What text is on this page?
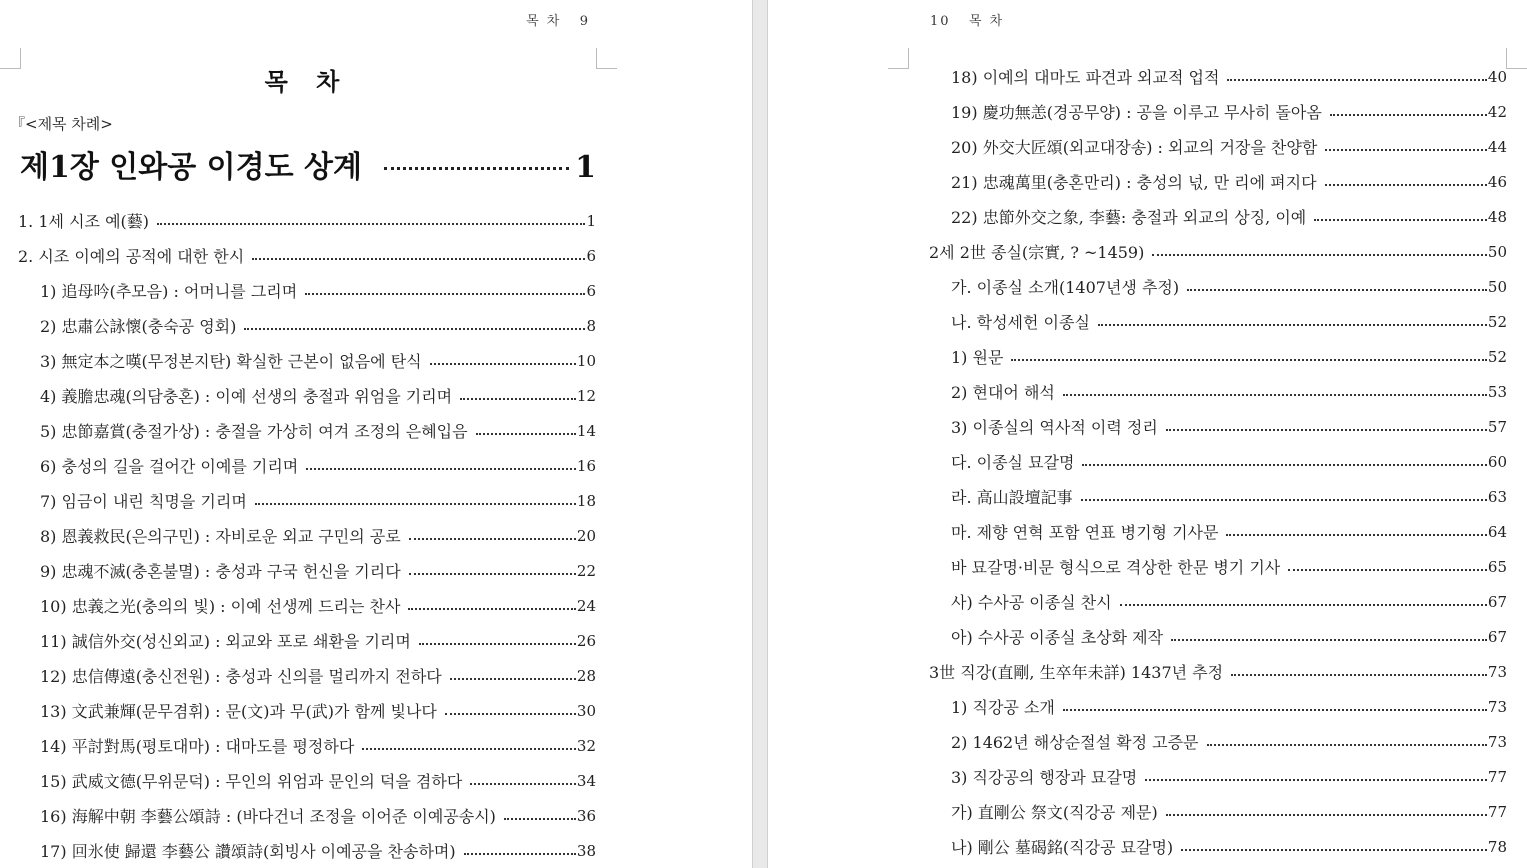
목 차   9
목 차
『<제목 차례>
제1장 인와공 이경도 상계	1
1. 1세 시조 예(藝)	1
2. 시조 이예의 공적에 대한 한시	6
1) 追母吟(추모음) : 어머니를 그리며	6
2) 忠肅公詠懷(충숙공 영회)	8
3) 無定本之嘆(무정본지탄) 확실한 근본이 없음에 탄식	10
4) 義膽忠魂(의담충혼) : 이예 선생의 충절과 위엄을 기리며	12
5) 忠節嘉賞(충절가상) : 충절을 가상히 여겨 조정의 은혜입음	14
6) 충성의 길을 걸어간 이예를 기리며	16
7) 임금이 내린 칙명을 기리며	18
8) 恩義救民(은의구민) : 자비로운 외교 구민의 공로	20
9) 忠魂不滅(충혼불멸) : 충성과 구국 헌신을 기리다	22
10) 忠義之光(충의의 빛) : 이예 선생께 드리는 찬사	24
11) 誠信外交(성신외교) : 외교와 포로 쇄환을 기리며	26
12) 忠信傳遠(충신전원) : 충성과 신의를 멀리까지 전하다	28
13) 文武兼輝(문무겸휘) : 문(文)과 무(武)가 함께 빛나다	30
14) 平討對馬(평토대마) : 대마도를 평정하다	32
15) 武威文德(무위문덕) : 무인의 위엄과 문인의 덕을 겸하다	34
16) 海解中朝 李藝公頌詩 : (바다건너 조정을 이어준 이예공송시)	36
17) 回氷使 歸還 李藝公 讚頌詩(회빙사 이예공을 찬송하며)	38
10   목 차
18) 이예의 대마도 파견과 외교적 업적	40
19) 慶功無恙(경공무양) : 공을 이루고 무사히 돌아옴	42
20) 外交大匠頌(외교대장송) : 외교의 거장을 찬양함	44
21) 忠魂萬里(충혼만리) : 충성의 넋, 만 리에 펴지다	46
22) 忠節外交之象, 李藝: 충절과 외교의 상징, 이예	48
2세 2世 종실(宗實, ? ~1459)	50
가. 이종실 소개(1407년생 추정)	50
나. 학성세헌 이종실	52
1) 원문	52
2) 현대어 해석	53
3) 이종실의 역사적 이력 정리	57
다. 이종실 묘갈명	60
라. 高山設壇記事	63
마. 제향 연혁 포함 연표 병기형 기사문	64
바 묘갈명·비문 형식으로 격상한 한문 병기 기사	65
사) 수사공 이종실 찬시	67
아) 수사공 이종실 초상화 제작	67
3世 직강(直剛, 生卒年未詳) 1437년 추정	73
1) 직강공 소개	73
2) 1462년 해상순절설 확정 고증문	73
3) 직강공의 행장과 묘갈명	77
가) 直剛公 祭文(직강공 제문)	77
나) 剛公 墓碣銘(직강공 묘갈명)	78
